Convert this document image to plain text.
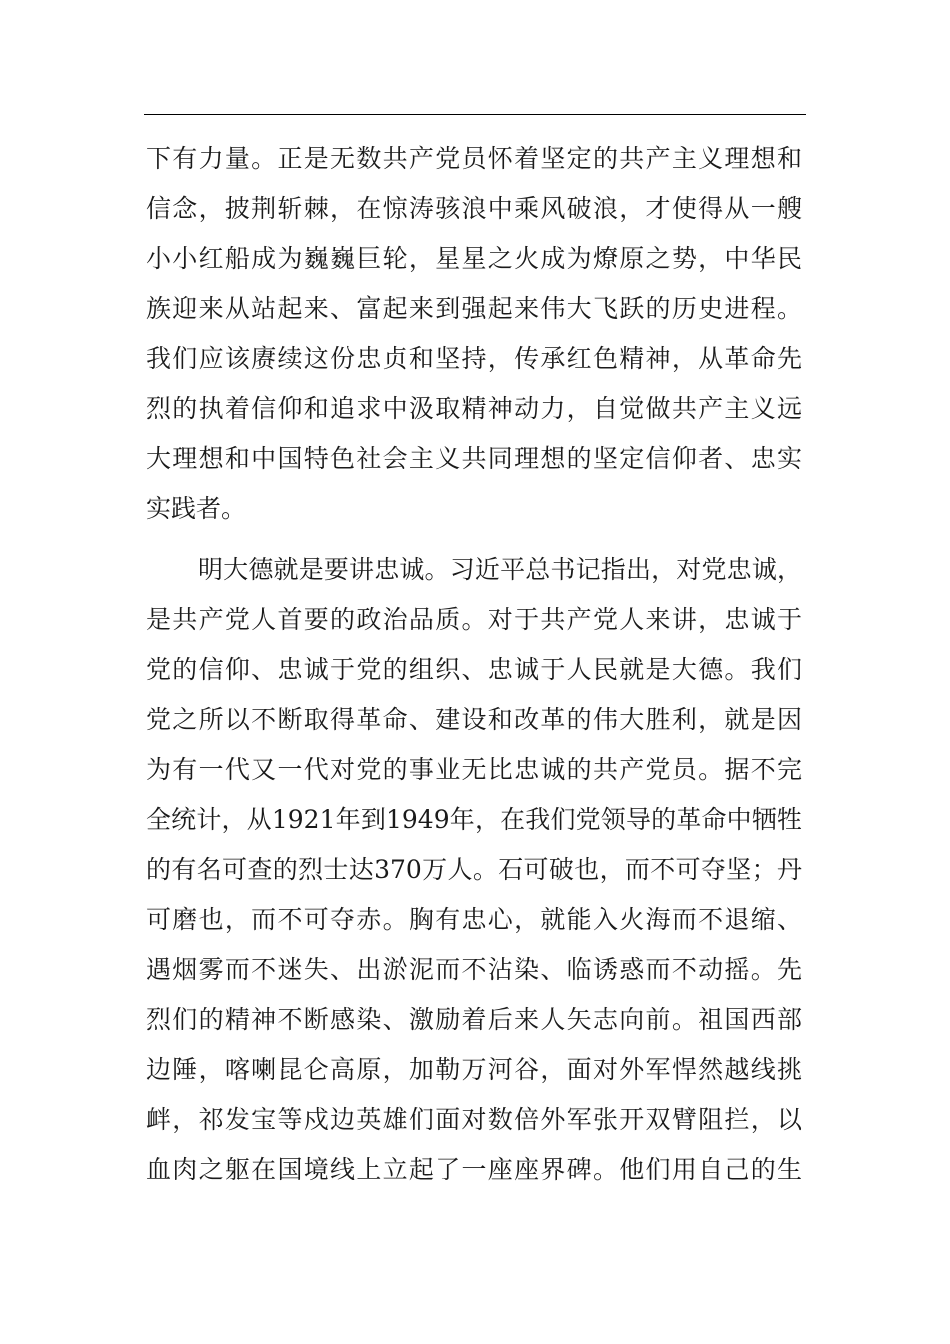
下有力量。正是无数共产党员怀着坚定的共产主义理想和
信念，披荆斩棘，在惊涛骇浪中乘风破浪，才使得从一艘
小小红船成为巍巍巨轮，星星之火成为燎原之势，中华民
族迎来从站起来、富起来到强起来伟大飞跃的历史进程。
我们应该赓续这份忠贞和坚持，传承红色精神，从革命先
烈的执着信仰和追求中汲取精神动力，自觉做共产主义远
大理想和中国特色社会主义共同理想的坚定信仰者、忠实
实践者。
明大德就是要讲忠诚。习近平总书记指出，对党忠诚，
是共产党人首要的政治品质。对于共产党人来讲，忠诚于
党的信仰、忠诚于党的组织、忠诚于人民就是大德。我们
党之所以不断取得革命、建设和改革的伟大胜利，就是因
为有一代又一代对党的事业无比忠诚的共产党员。据不完
全统计，从1921年到1949年，在我们党领导的革命中牺牲
的有名可查的烈士达370万人。石可破也，而不可夺坚；丹
可磨也，而不可夺赤。胸有忠心，就能入火海而不退缩、
遇烟雾而不迷失、出淤泥而不沾染、临诱惑而不动摇。先
烈们的精神不断感染、激励着后来人矢志向前。祖国西部
边陲，喀喇昆仑高原，加勒万河谷，面对外军悍然越线挑
衅，祁发宝等戍边英雄们面对数倍外军张开双臂阻拦，以
血肉之躯在国境线上立起了一座座界碑。他们用自己的生
